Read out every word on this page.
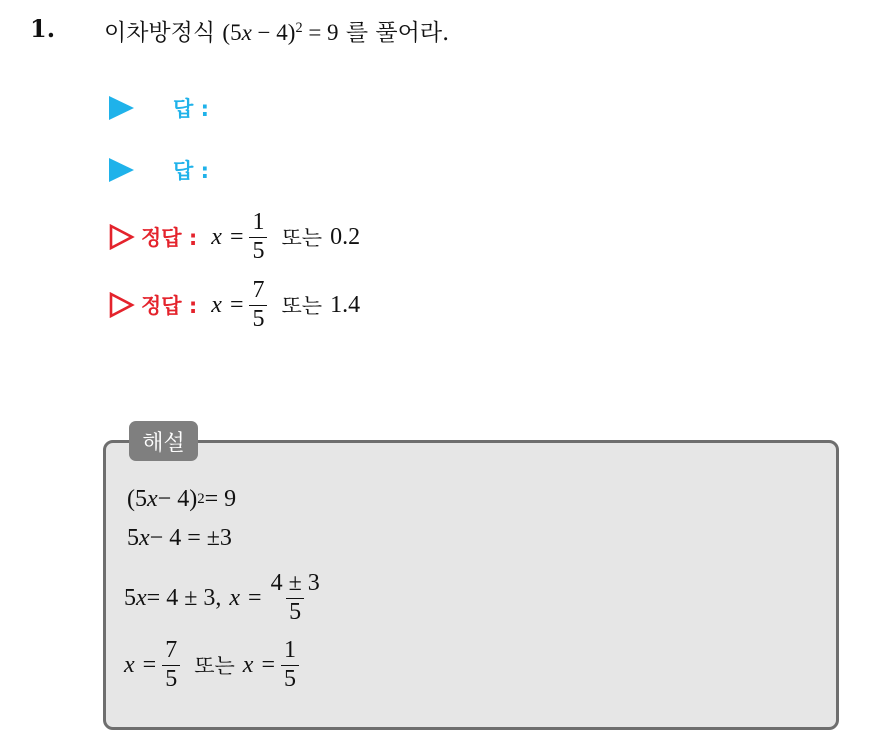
1. 이차방정식 $(5x - 4)^2 = 9$ 를 풀어라.
답 :
답 :
정답 : $x = \frac{1}{5}$ 또는 0.2
정답 : $x = \frac{7}{5}$ 또는 1.4
해설
(5 x − 4) 2 = 9
5 x − 4 = ±3
5 x = 4 ± 3, $x = \frac{4 \pm 3}{5}$
$x = \frac{7}{5}$ 또는 $x = \frac{1}{5}$
